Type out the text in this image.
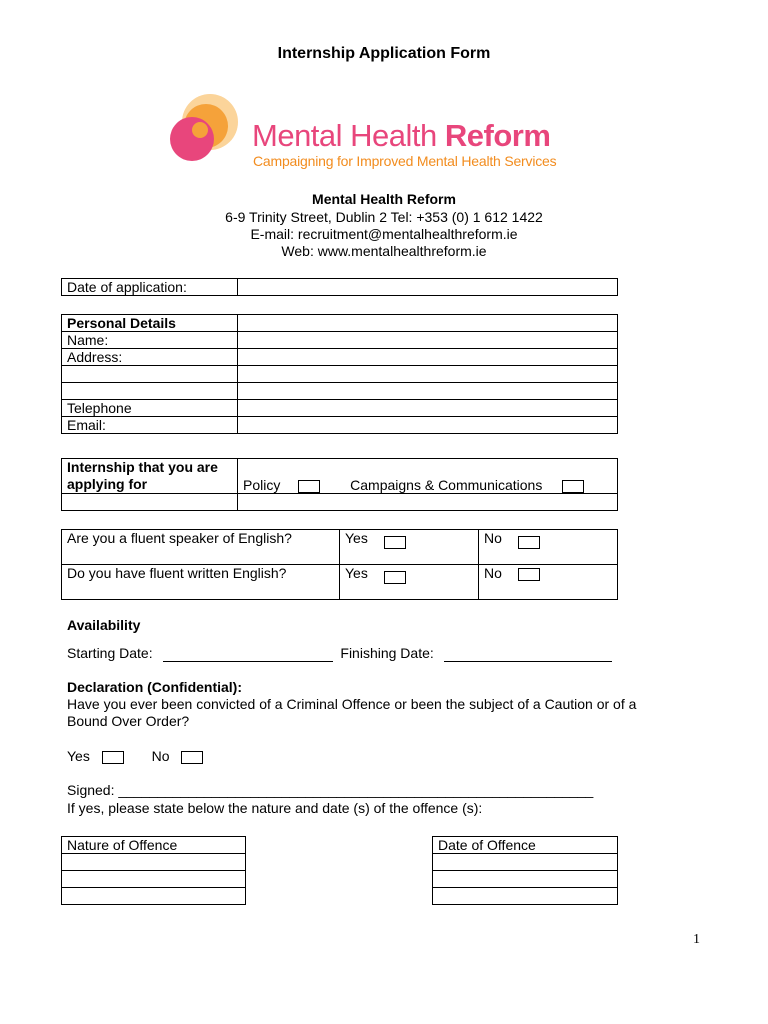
Internship Application Form
Mental Health Reform
Campaigning for Improved Mental Health Services
Mental Health Reform
6-9 Trinity Street, Dublin 2 Tel: +353 (0) 1 612 1422
E-mail: recruitment@mentalhealthreform.ie
Web: www.mentalhealthreform.ie
Date of application:	
Personal Details	
Name:	
Address:	

Telephone	
Email:	
Internship that you are
applying for	Policy Campaigns & Communications

Are you a fluent speaker of English?	Yes	No
Do you have fluent written English?	Yes	No
Availability
Starting Date:	Finishing Date:
Declaration (Confidential):
Have you ever been convicted of a Criminal Offence or been the subject of a Caution or of a
Bound Over Order?
Yes	No
Signed: _____________________________________________________________
If yes, please state below the nature and date (s) of the offence (s):
Nature of Offence	Date of Offence

1
